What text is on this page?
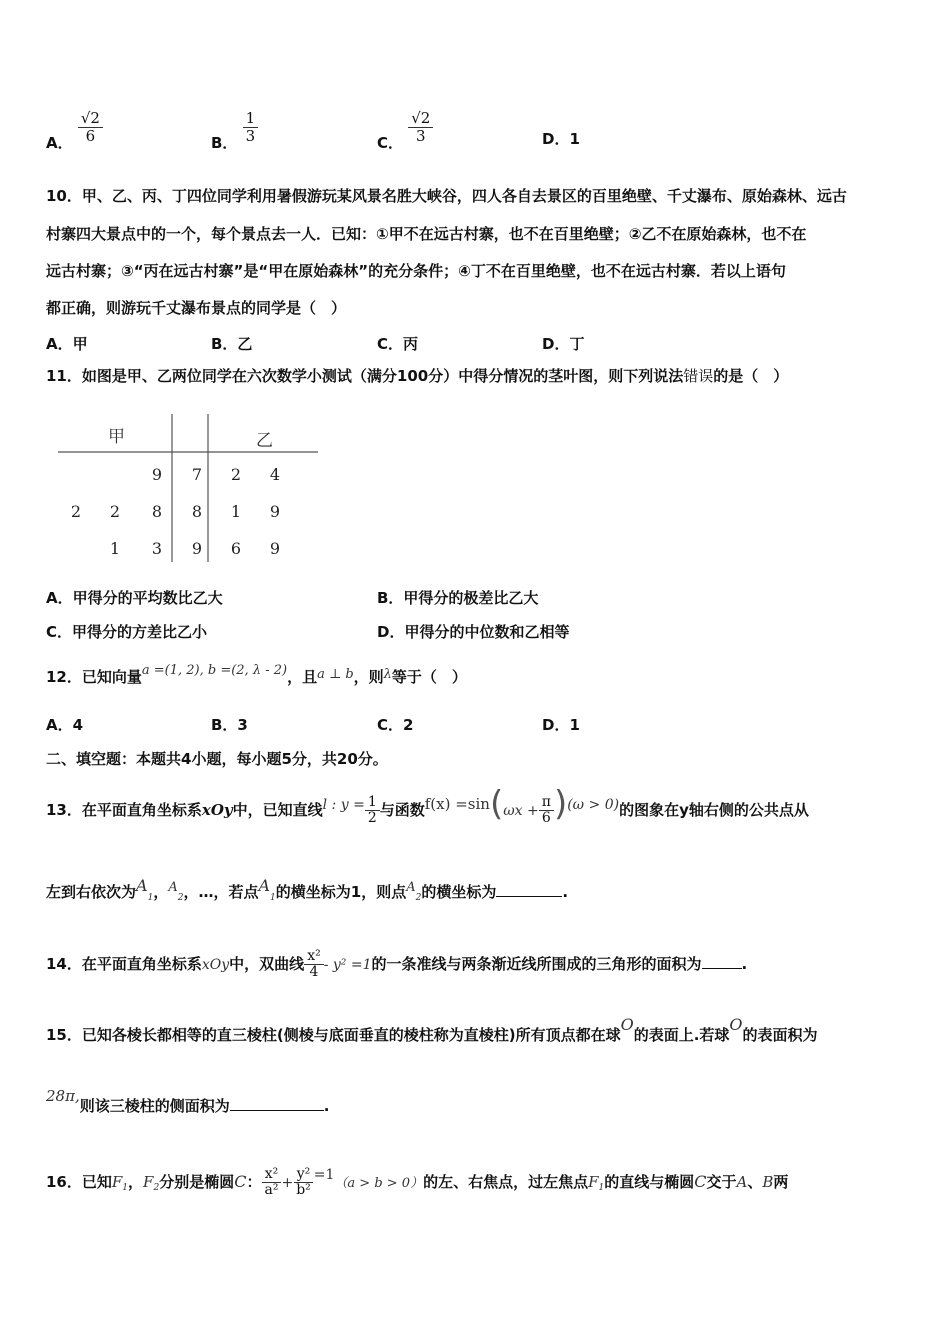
A． $\frac{√2}{6}$	B． $\frac{1}{3}$	C． $\frac{√2}{3}$	D．1
10．甲、乙、丙、丁四位同学利用暑假游玩某风景名胜大峡谷，四人各自去景区的百里绝壁、千丈瀑布、原始森林、远古
村寨四大景点中的一个，每个景点去一人．已知：①甲不在远古村寨，也不在百里绝壁；②乙不在原始森林，也不在
远古村寨；③“丙在远古村寨”是“甲在原始森林”的充分条件；④丁不在百里绝壁，也不在远古村寨．若以上语句
都正确，则游玩千丈瀑布景点的同学是（　）
A．甲	B．乙	C．丙	D．丁
11．如图是甲、乙两位同学在六次数学小测试（满分100分）中得分情况的茎叶图，则下列说法错误的是（　）
甲	乙
		9	7	2	4
2	2	8	8	1	9
	1	3	9	6	9
A．甲得分的平均数比乙大	B．甲得分的极差比乙大
C．甲得分的方差比乙小	D．甲得分的中位数和乙相等
12．已知向量a =(1, 2), b =(2, λ - 2)，且a ⊥ b，则λ等于（　）
A．4	B．3	C．2	D．1
二、填空题：本题共4小题，每小题5分，共20分。
13．在平面直角坐标系xOy中，已知直线l : $y = \frac{1}{2}$ 与函数$f(x) =\sin(\omega x + \frac{\pi}{6} )(\omega > 0)$的图象在y轴右侧的公共点从
左到右依次为$A_1$，$A_2$，…，若点$A_1$的横坐标为1，则点$A_2$的横坐标为	.
14．在平面直角坐标系xOy中，双曲线 $\frac{\text{x²}}{4} - y^2 =1$的一条准线与两条渐近线所围成的三角形的面积为	.
15．已知各棱长都相等的直三棱柱(侧棱与底面垂直的棱柱称为直棱柱)所有顶点都在球O的表面上.若球O的表面积为
28π,则该三棱柱的侧面积为	.
16．已知$F_1$，$F_2$分别是椭圆C： $\frac{\text{x²}}{\text{a²}} + \frac{\text{y²}}{\text{b²}} =1(a > b > 0)$的左、右焦点，过左焦点$F_1$的直线与椭圆C交于A、B两
